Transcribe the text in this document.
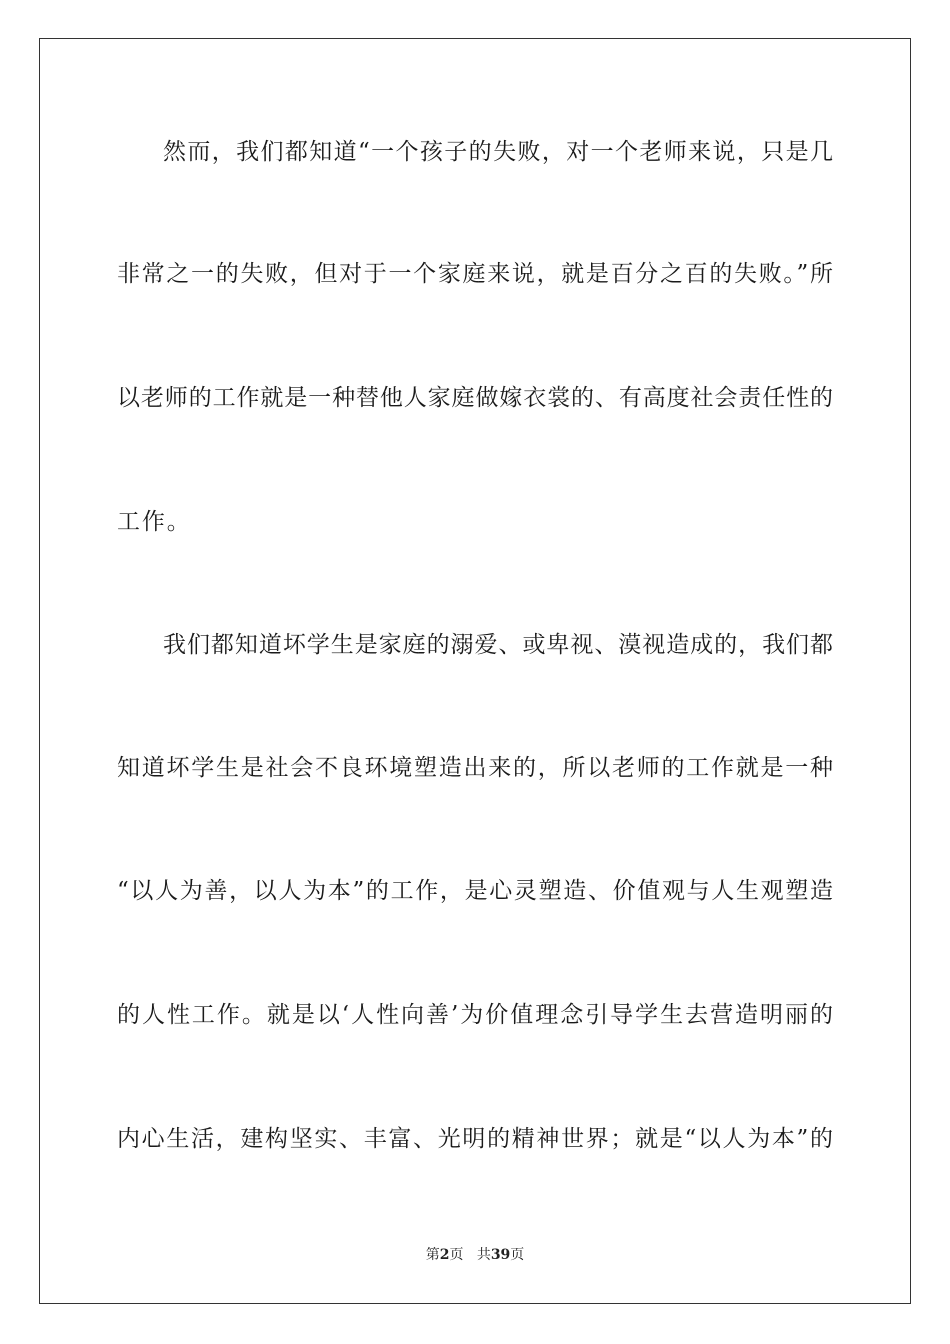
然而，我们都知道“一个孩子的失败，对一个老师来说，只是几
非常之一的失败，但对于一个家庭来说，就是百分之百的失败。”所
以老师的工作就是一种替他人家庭做嫁衣裳的、有高度社会责任性的
工作。
我们都知道坏学生是家庭的溺爱、或卑视、漠视造成的，我们都
知道坏学生是社会不良环境塑造出来的，所以老师的工作就是一种
“以人为善，以人为本”的工作，是心灵塑造、价值观与人生观塑造
的人性工作。就是以‘人性向善’为价值理念引导学生去营造明丽的
内心生活，建构坚实、丰富、光明的精神世界；就是“以人为本”的
第2页 共39页
